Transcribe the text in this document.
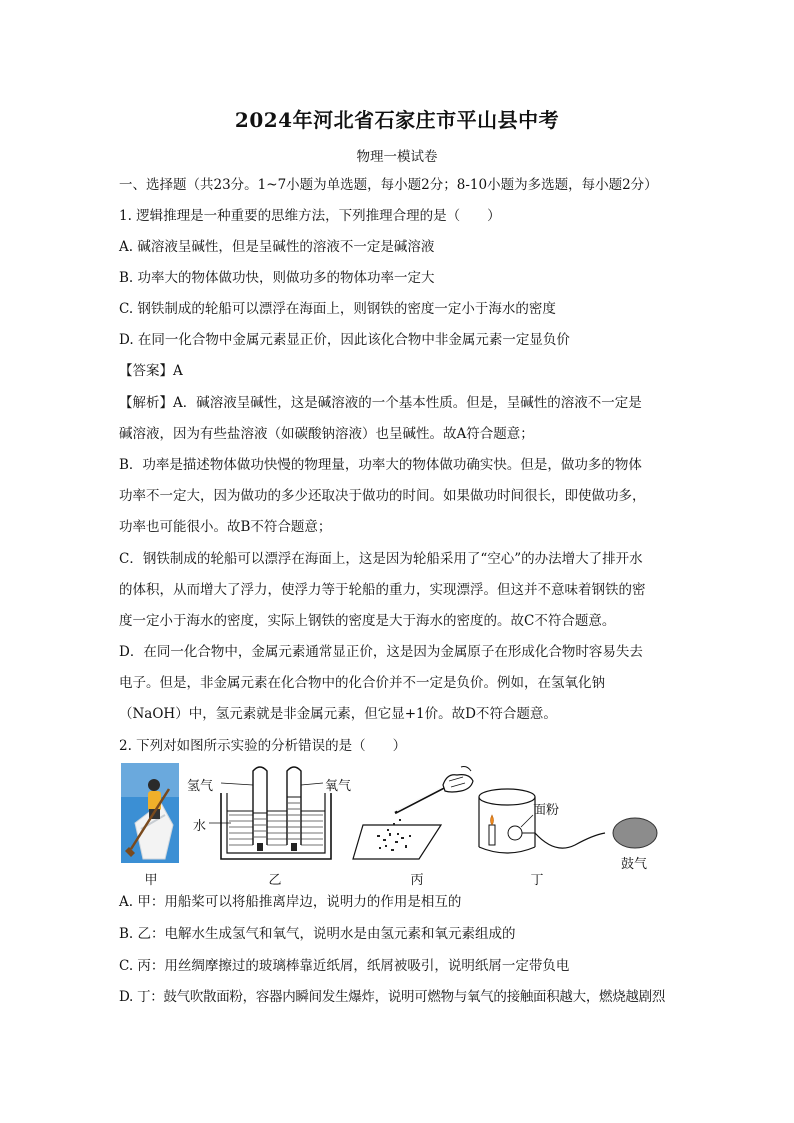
2024年河北省石家庄市平山县中考
物理一模试卷
一、选择题（共23分。1~7小题为单选题，每小题2分；8-10小题为多选题，每小题2分）
1. 逻辑推理是一种重要的思维方法，下列推理合理的是（　　）
A. 碱溶液呈碱性，但是呈碱性的溶液不一定是碱溶液
B. 功率大的物体做功快，则做功多的物体功率一定大
C. 钢铁制成的轮船可以漂浮在海面上，则钢铁的密度一定小于海水的密度
D. 在同一化合物中金属元素显正价，因此该化合物中非金属元素一定显负价
【答案】A
【解析】A．碱溶液呈碱性，这是碱溶液的一个基本性质。但是，呈碱性的溶液不一定是
碱溶液，因为有些盐溶液（如碳酸钠溶液）也呈碱性。故A符合题意；
B．功率是描述物体做功快慢的物理量，功率大的物体做功确实快。但是，做功多的物体
功率不一定大，因为做功的多少还取决于做功的时间。如果做功时间很长，即使做功多，
功率也可能很小。故B不符合题意；
C．钢铁制成的轮船可以漂浮在海面上，这是因为轮船采用了“空心”的办法增大了排开水
的体积，从而增大了浮力，使浮力等于轮船的重力，实现漂浮。但这并不意味着钢铁的密
度一定小于海水的密度，实际上钢铁的密度是大于海水的密度的。故C不符合题意。
D．在同一化合物中，金属元素通常显正价，这是因为金属原子在形成化合物时容易失去
电子。但是，非金属元素在化合物中的化合价并不一定是负价。例如，在氢氧化钠
（NaOH）中，氢元素就是非金属元素，但它显+1价。故D不符合题意。
2. 下列对如图所示实验的分析错误的是（　　）
甲
氢气	氧气
水
乙	丙
面粉
鼓气
丁
A. 甲：用船桨可以将船推离岸边，说明力的作用是相互的
B. 乙：电解水生成氢气和氧气，说明水是由氢元素和氧元素组成的
C. 丙：用丝绸摩擦过的玻璃棒靠近纸屑，纸屑被吸引，说明纸屑一定带负电
D. 丁：鼓气吹散面粉，容器内瞬间发生爆炸，说明可燃物与氧气的接触面积越大，燃烧越剧烈
